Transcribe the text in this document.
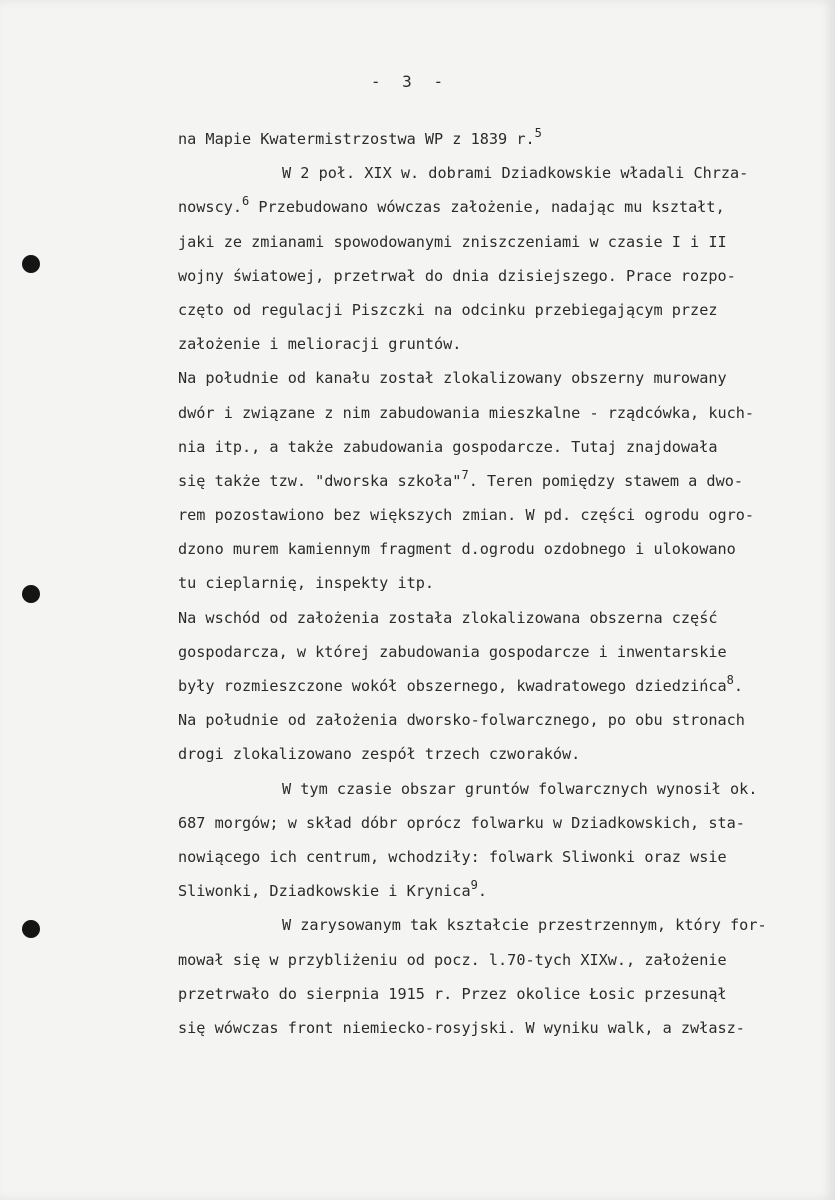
- 3 -
na Mapie Kwatermistrzostwa WP z 1839 r.$^5$
W 2 poł. XIX w. dobrami Dziadkowskie władali Chrza-
nowscy.$^6$ Przebudowano wówczas założenie, nadając mu kształt,
jaki ze zmianami spowodowanymi zniszczeniami w czasie I i II
wojny światowej, przetrwał do dnia dzisiejszego. Prace rozpo-
częto od regulacji Piszczki na odcinku przebiegającym przez
założenie i melioracji gruntów.
Na południe od kanału został zlokalizowany obszerny murowany
dwór i związane z nim zabudowania mieszkalne - rządcówka, kuch-
nia itp., a także zabudowania gospodarcze. Tutaj znajdowała
się także tzw. "dworska szkoła"$^7$. Teren pomiędzy stawem a dwo-
rem pozostawiono bez większych zmian. W pd. części ogrodu ogro-
dzono murem kamiennym fragment d.ogrodu ozdobnego i ulokowano
tu cieplarnię, inspekty itp.
Na wschód od założenia została zlokalizowana obszerna część
gospodarcza, w której zabudowania gospodarcze i inwentarskie
były rozmieszczone wokół obszernego, kwadratowego dziedzińca$^8$.
Na południe od założenia dworsko-folwarcznego, po obu stronach
drogi zlokalizowano zespół trzech czworaków.
W tym czasie obszar gruntów folwarcznych wynosił ok.
687 morgów; w skład dóbr oprócz folwarku w Dziadkowskich, sta-
nowiącego ich centrum, wchodziły: folwark Sliwonki oraz wsie
Sliwonki, Dziadkowskie i Krynica$^9$.
W zarysowanym tak kształcie przestrzennym, który for-
mował się w przybliżeniu od pocz. l.70-tych XIXw., założenie
przetrwało do sierpnia 1915 r. Przez okolice Łosic przesunął
się wówczas front niemiecko-rosyjski. W wyniku walk, a zwłasz-
